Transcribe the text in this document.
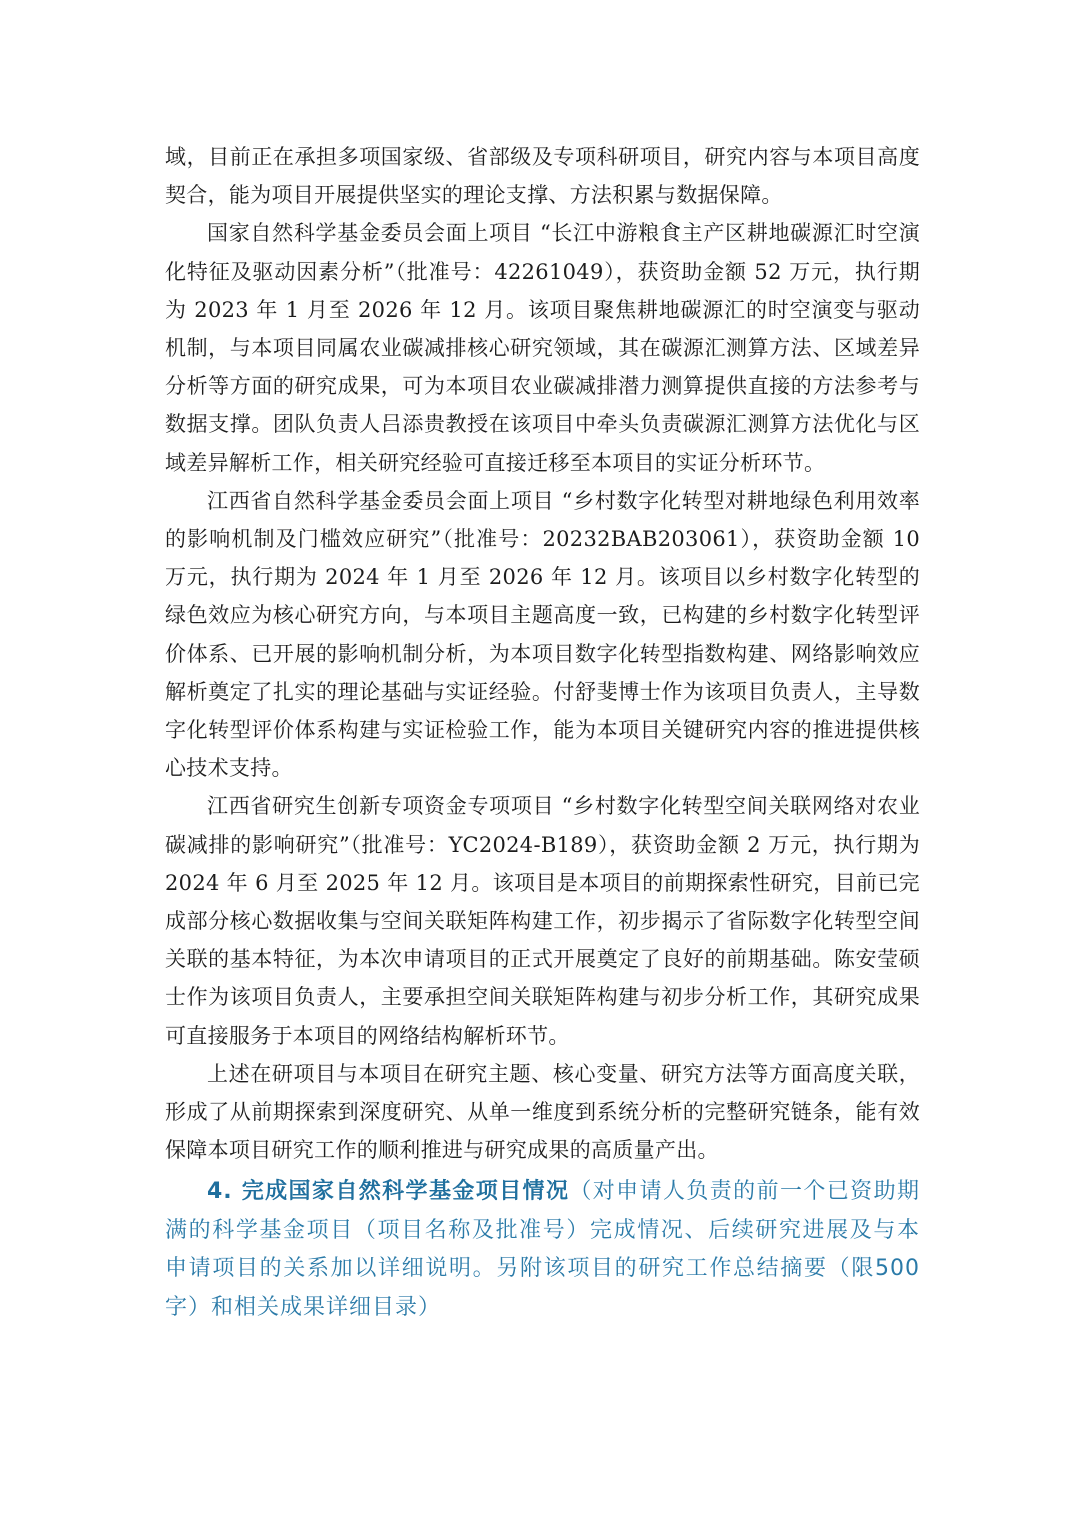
域，目前正在承担多项国家级、省部级及专项科研项目，研究内容与本项目高度契合，能为项目开展提供坚实的理论支撑、方法积累与数据保障。

国家自然科学基金委员会面上项目 “长江中游粮食主产区耕地碳源汇时空演化特征及驱动因素分析”（批准号：42261049），获资助金额 52 万元，执行期为 2023 年 1 月至 2026 年 12 月。该项目聚焦耕地碳源汇的时空演变与驱动机制，与本项目同属农业碳减排核心研究领域，其在碳源汇测算方法、区域差异分析等方面的研究成果，可为本项目农业碳减排潜力测算提供直接的方法参考与数据支撑。团队负责人吕添贵教授在该项目中牵头负责碳源汇测算方法优化与区域差异解析工作，相关研究经验可直接迁移至本项目的实证分析环节。

江西省自然科学基金委员会面上项目 “乡村数字化转型对耕地绿色利用效率的影响机制及门槛效应研究”（批准号：20232BAB203061），获资助金额 10 万元，执行期为 2024 年 1 月至 2026 年 12 月。该项目以乡村数字化转型的绿色效应为核心研究方向，与本项目主题高度一致，已构建的乡村数字化转型评价体系、已开展的影响机制分析，为本项目数字化转型指数构建、网络影响效应解析奠定了扎实的理论基础与实证经验。付舒斐博士作为该项目负责人，主导数字化转型评价体系构建与实证检验工作，能为本项目关键研究内容的推进提供核心技术支持。

江西省研究生创新专项资金专项项目 “乡村数字化转型空间关联网络对农业碳减排的影响研究”（批准号：YC2024-B189），获资助金额 2 万元，执行期为 2024 年 6 月至 2025 年 12 月。该项目是本项目的前期探索性研究，目前已完成部分核心数据收集与空间关联矩阵构建工作，初步揭示了省际数字化转型空间关联的基本特征，为本次申请项目的正式开展奠定了良好的前期基础。陈安莹硕士作为该项目负责人，主要承担空间关联矩阵构建与初步分析工作，其研究成果可直接服务于本项目的网络结构解析环节。

上述在研项目与本项目在研究主题、核心变量、研究方法等方面高度关联，形成了从前期探索到深度研究、从单一维度到系统分析的完整研究链条，能有效保障本项目研究工作的顺利推进与研究成果的高质量产出。

4. 完成国家自然科学基金项目情况（对申请人负责的前一个已资助期满的科学基金项目（项目名称及批准号）完成情况、后续研究进展及与本申请项目的关系加以详细说明。另附该项目的研究工作总结摘要（限500字）和相关成果详细目录）
